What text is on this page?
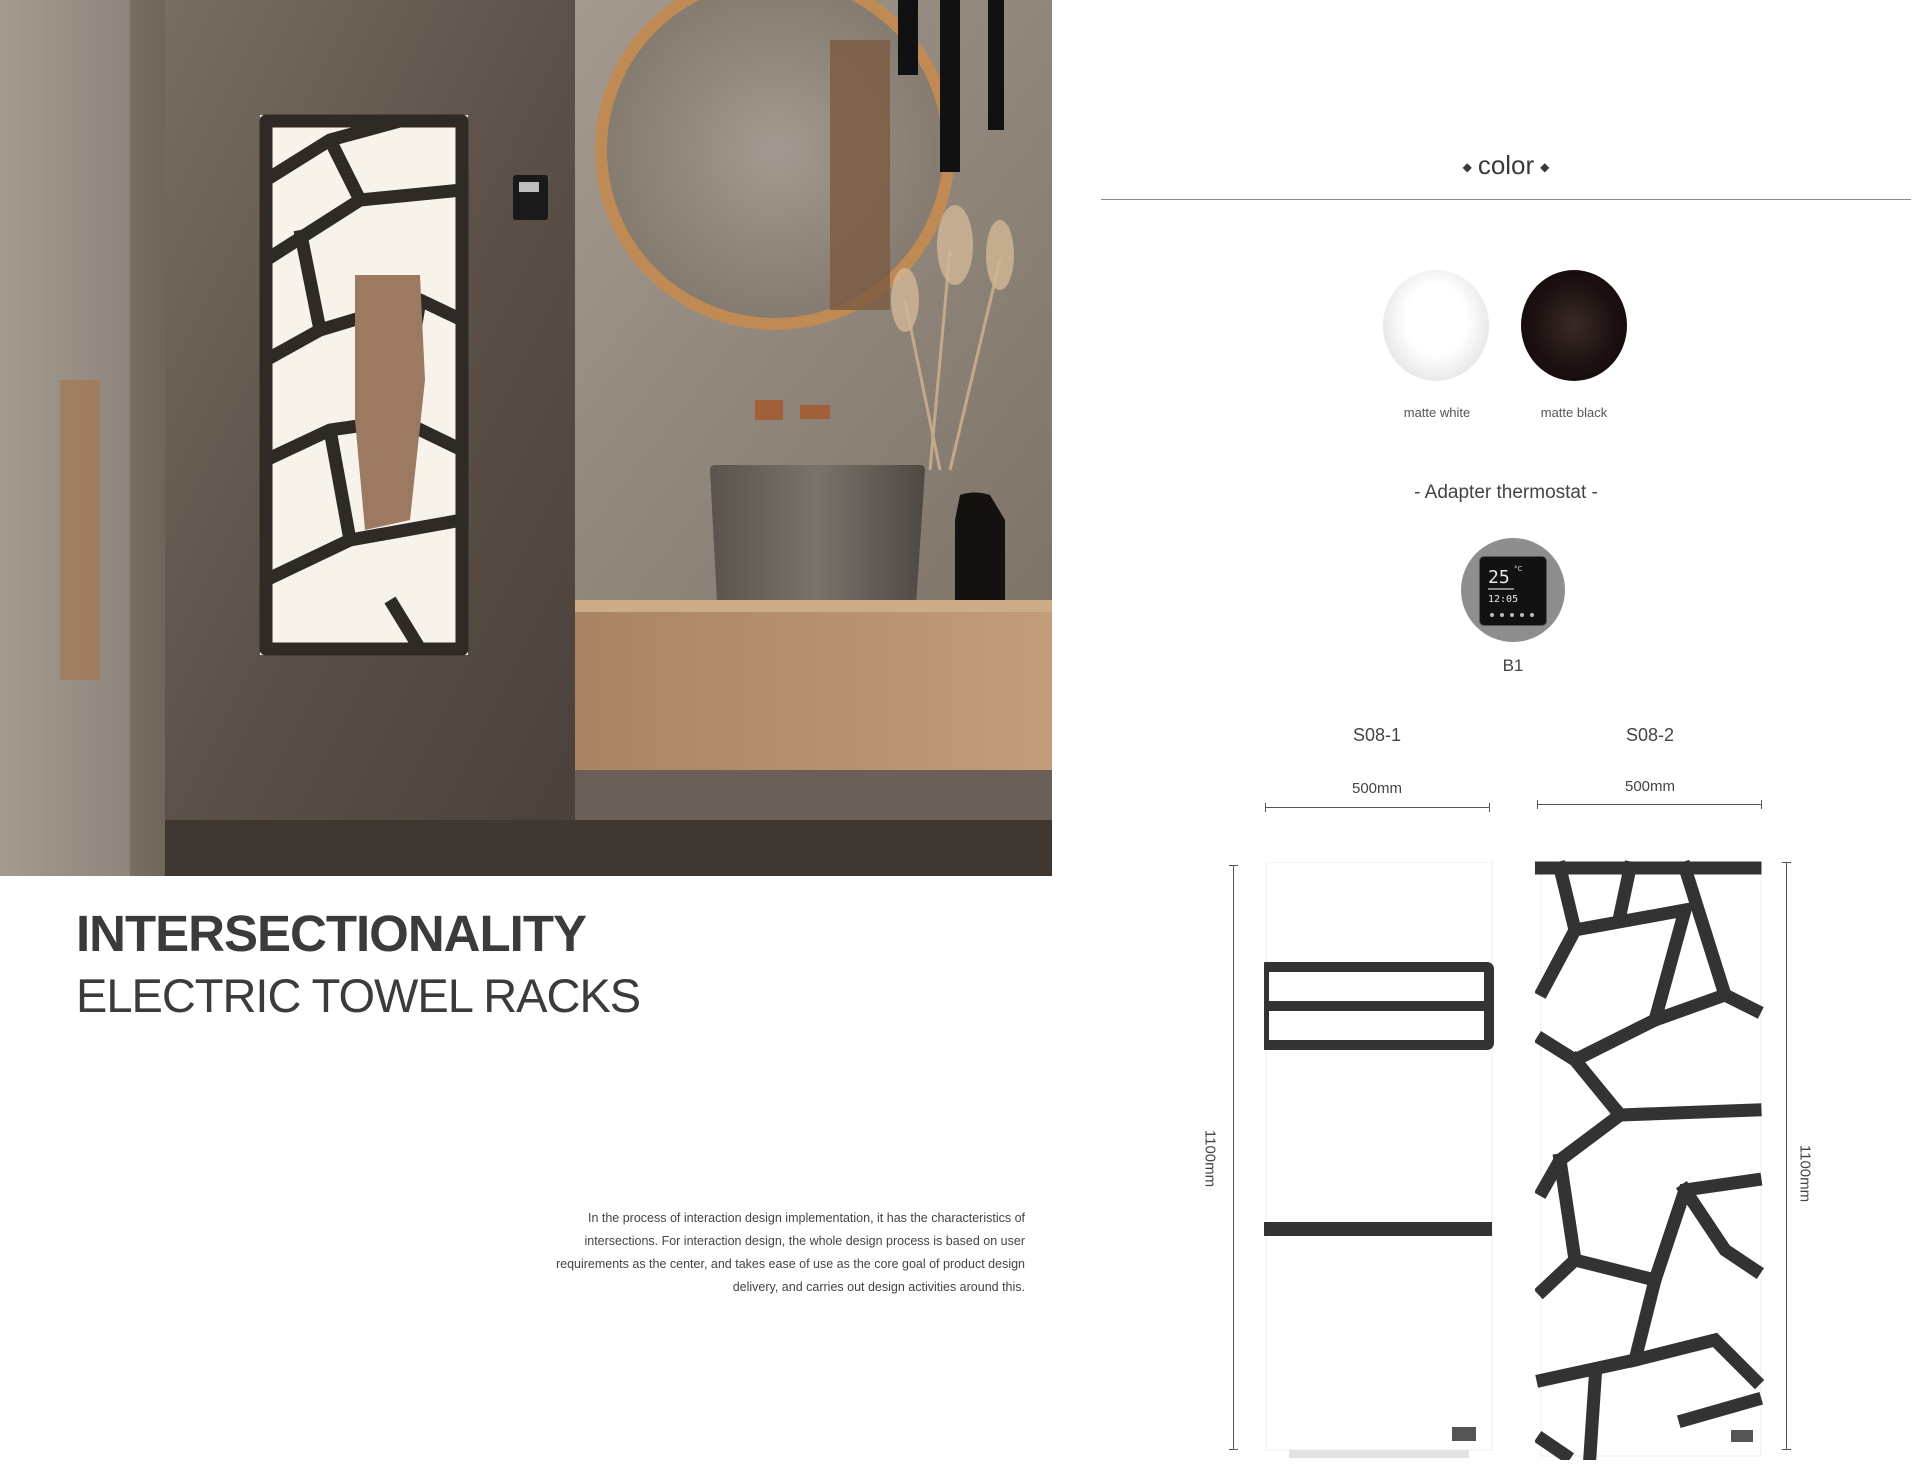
INTERSECTIONALITY
ELECTRIC TOWEL RACKS

In the process of interaction design implementation, it has the characteristics of intersections. For interaction design, the whole design process is based on user requirements as the center, and takes ease of use as the core goal of product design delivery, and carries out design activities around this.

◆ color ◆
matte white	matte black
- Adapter thermostat -
25 °C
12:05
B1
S08-1
500mm
1100mm
S08-2
500mm
1100mm
